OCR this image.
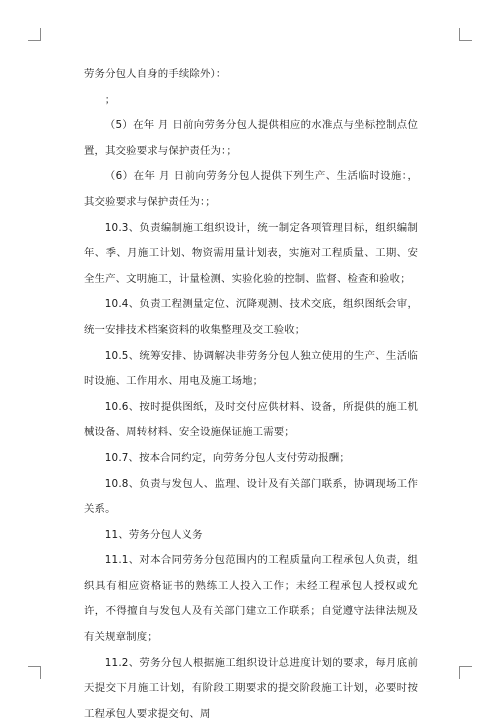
劳务分包人自身的手续除外）：

；

（5）在年 月 日前向劳务分包人提供相应的水准点与坐标控制点位置，其交验要求与保护责任为：；

（6）在年 月 日前向劳务分包人提供下列生产、生活临时设施：，其交验要求与保护责任为：；

10.3、负责编制施工组织设计，统一制定各项管理目标，组织编制年、季、月施工计划、物资需用量计划表，实施对工程质量、工期、安全生产、文明施工，计量检测、实验化验的控制、监督、检查和验收；

10.4、负责工程测量定位、沉降观测、技术交底，组织图纸会审，统一安排技术档案资料的收集整理及交工验收；

10.5、统筹安排、协调解决非劳务分包人独立使用的生产、生活临时设施、工作用水、用电及施工场地；

10.6、按时提供图纸，及时交付应供材料、设备，所提供的施工机械设备、周转材料、安全设施保证施工需要；

10.7、按本合同约定，向劳务分包人支付劳动报酬；

10.8、负责与发包人、监理、设计及有关部门联系，协调现场工作关系。

11、劳务分包人义务

11.1、对本合同劳务分包范围内的工程质量向工程承包人负责，组织具有相应资格证书的熟练工人投入工作；未经工程承包人授权或允许，不得擅自与发包人及有关部门建立工作联系；自觉遵守法律法规及有关规章制度；

11.2、劳务分包人根据施工组织设计总进度计划的要求，每月底前天提交下月施工计划，有阶段工期要求的提交阶段施工计划，必要时按工程承包人要求提交旬、周
